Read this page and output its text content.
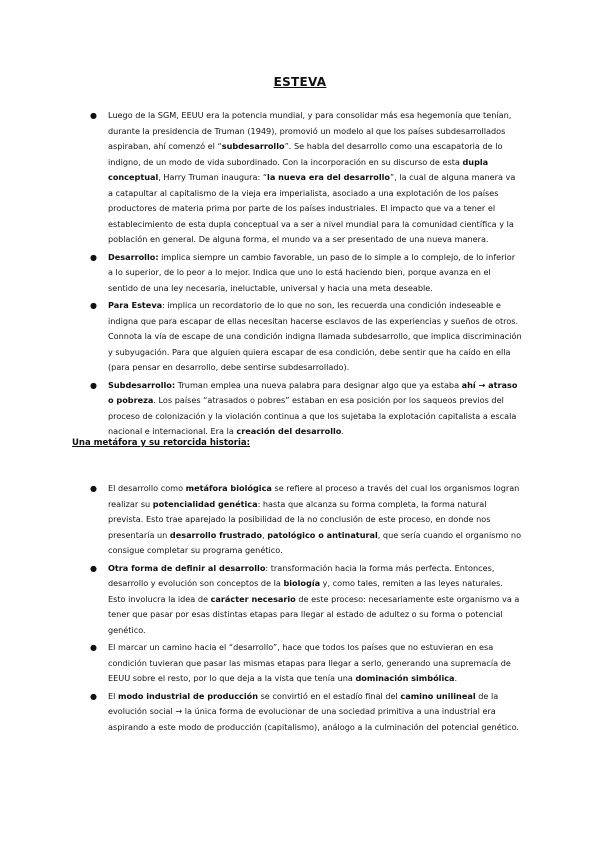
ESTEVA
● Luego de la SGM, EEUU era la potencia mundial, y para consolidar más esa hegemonía que tenían, durante la presidencia de Truman (1949), promovió un modelo al que los países subdesarrollados aspiraban, ahí comenzó el “subdesarrollo”. Se habla del desarrollo como una escapatoria de lo indigno, de un modo de vida subordinado. Con la incorporación en su discurso de esta dupla conceptual, Harry Truman inaugura: “la nueva era del desarrollo”, la cual de alguna manera va a catapultar al capitalismo de la vieja era imperialista, asociado a una explotación de los países productores de materia prima por parte de los países industriales. El impacto que va a tener el establecimiento de esta dupla conceptual va a ser a nivel mundial para la comunidad científica y la población en general. De alguna forma, el mundo va a ser presentado de una nueva manera.
● Desarrollo: implica siempre un cambio favorable, un paso de lo simple a lo complejo, de lo inferior a lo superior, de lo peor a lo mejor. Indica que uno lo está haciendo bien, porque avanza en el sentido de una ley necesaria, ineluctable, universal y hacia una meta deseable.
● Para Esteva: implica un recordatorio de lo que no son, les recuerda una condición indeseable e indigna que para escapar de ellas necesitan hacerse esclavos de las experiencias y sueños de otros. Connota la vía de escape de una condición indigna llamada subdesarrollo, que implica discriminación y subyugación. Para que alguien quiera escapar de esa condición, debe sentir que ha caído en ella (para pensar en desarrollo, debe sentirse subdesarrollado).
● Subdesarrollo: Truman emplea una nueva palabra para designar algo que ya estaba ahí → atraso o pobreza. Los países “atrasados o pobres” estaban en esa posición por los saqueos previos del proceso de colonización y la violación continua a que los sujetaba la explotación capitalista a escala nacional e internacional. Era la creación del desarrollo.
Una metáfora y su retorcida historia:
● El desarrollo como metáfora biológica se refiere al proceso a través del cual los organismos logran realizar su potencialidad genética: hasta que alcanza su forma completa, la forma natural prevista. Esto trae aparejado la posibilidad de la no conclusión de este proceso, en donde nos presentaría un desarrollo frustrado, patológico o antinatural, que sería cuando el organismo no consigue completar su programa genético.
● Otra forma de definir al desarrollo: transformación hacia la forma más perfecta. Entonces, desarrollo y evolución son conceptos de la biología y, como tales, remiten a las leyes naturales. Esto involucra la idea de carácter necesario de este proceso: necesariamente este organismo va a tener que pasar por esas distintas etapas para llegar al estado de adultez o su forma o potencial genético.
● El marcar un camino hacia el “desarrollo”, hace que todos los países que no estuvieran en esa condición tuvieran que pasar las mismas etapas para llegar a serlo, generando una supremacía de EEUU sobre el resto, por lo que deja a la vista que tenía una dominación simbólica.
● El modo industrial de producción se convirtió en el estadío final del camino unilineal de la evolución social → la única forma de evolucionar de una sociedad primitiva a una industrial era aspirando a este modo de producción (capitalismo), análogo a la culminación del potencial genético.
